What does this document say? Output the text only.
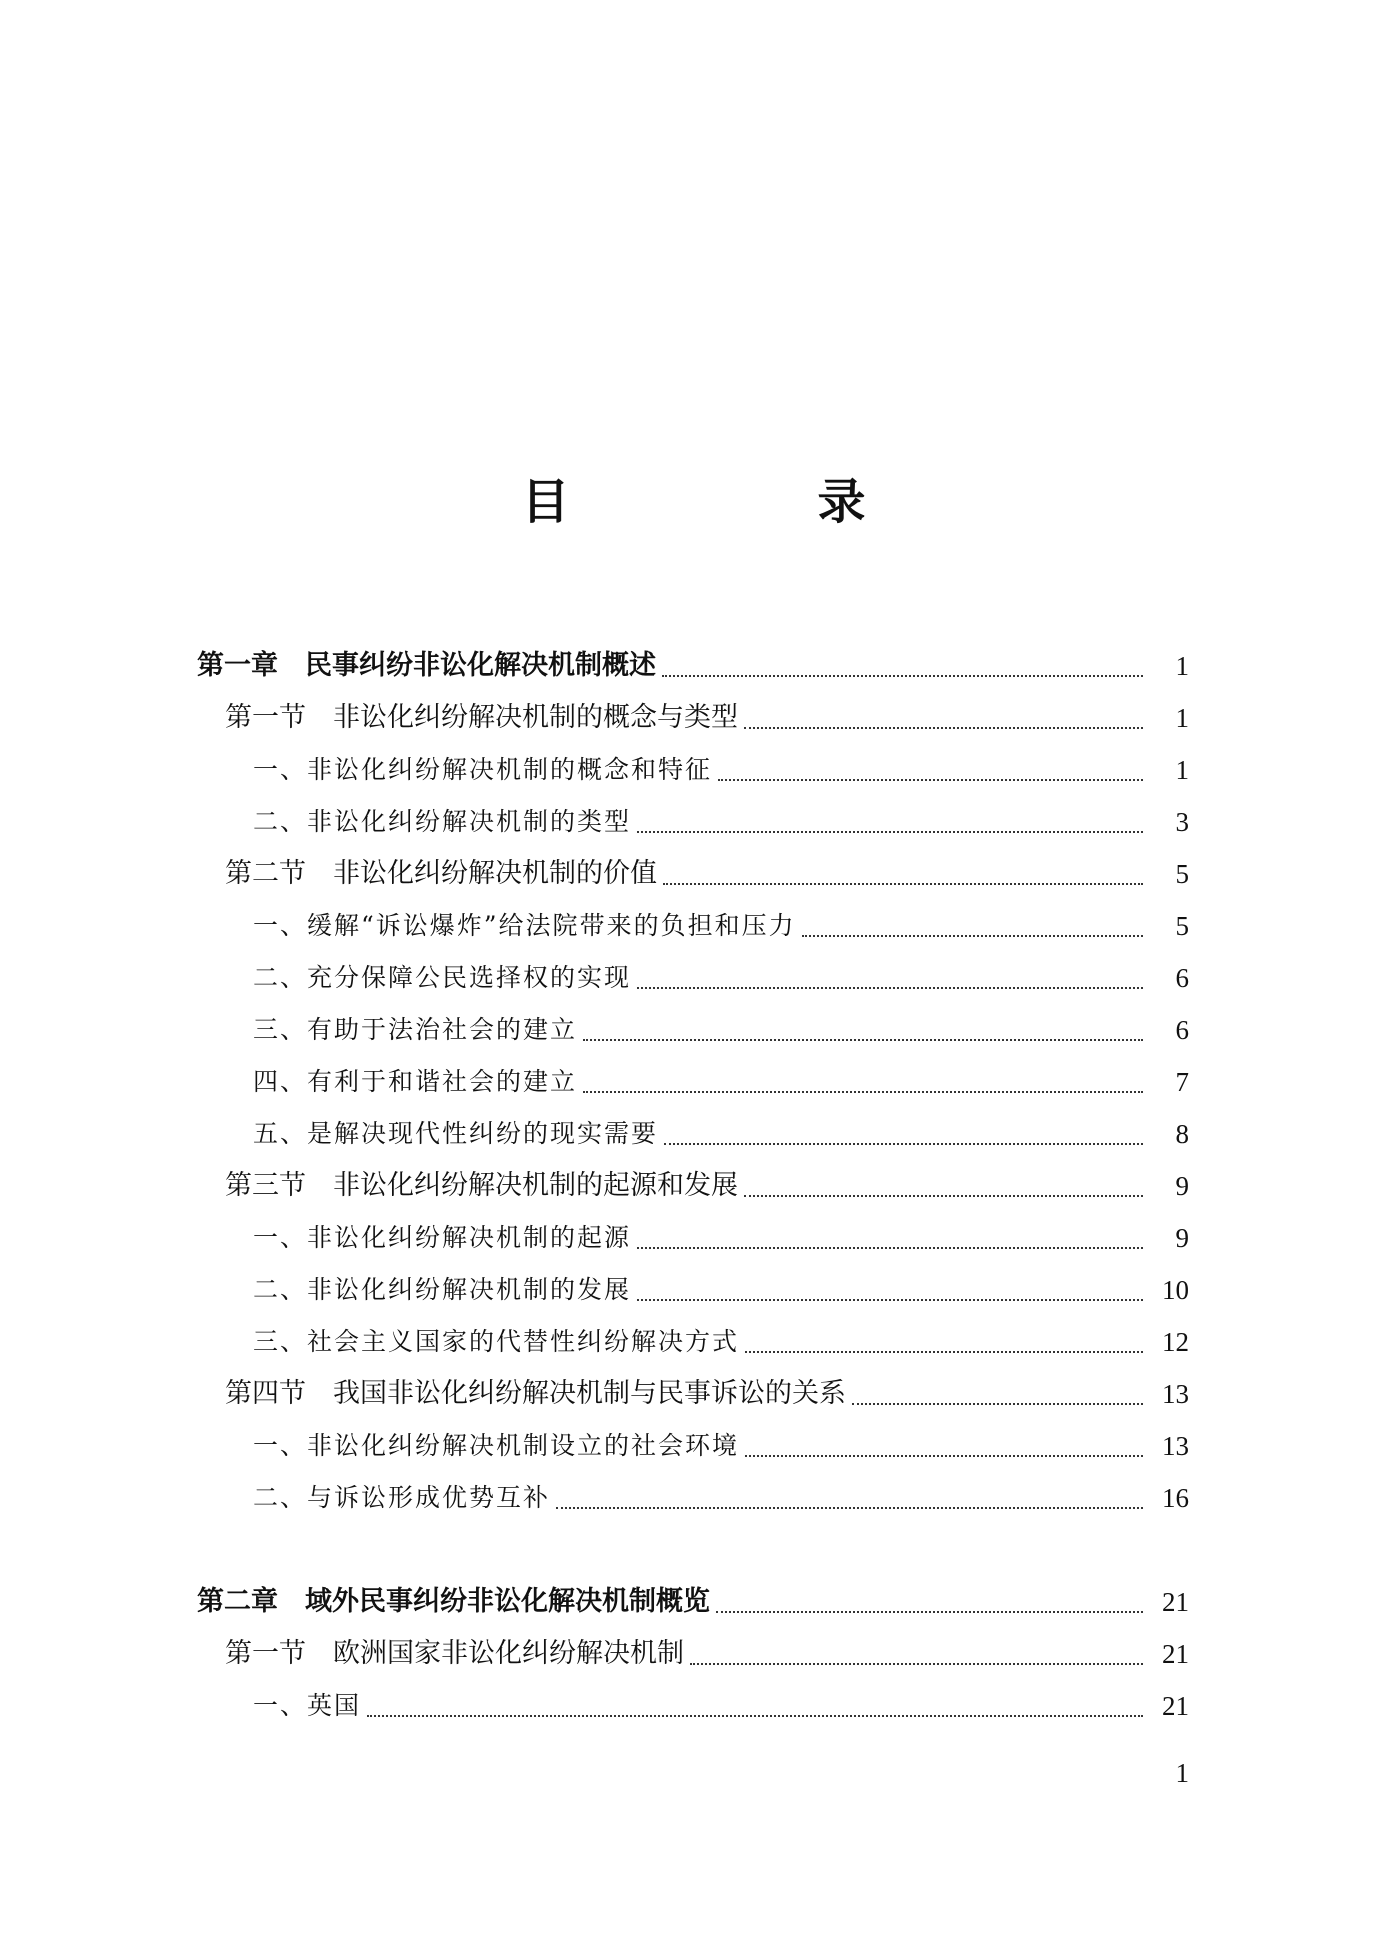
目　录
第一章　民事纠纷非讼化解决机制概述	1
第一节　非讼化纠纷解决机制的概念与类型	1
一、非讼化纠纷解决机制的概念和特征	1
二、非讼化纠纷解决机制的类型	3
第二节　非讼化纠纷解决机制的价值	5
一、缓解“诉讼爆炸”给法院带来的负担和压力	5
二、充分保障公民选择权的实现	6
三、有助于法治社会的建立	6
四、有利于和谐社会的建立	7
五、是解决现代性纠纷的现实需要	8
第三节　非讼化纠纷解决机制的起源和发展	9
一、非讼化纠纷解决机制的起源	9
二、非讼化纠纷解决机制的发展	10
三、社会主义国家的代替性纠纷解决方式	12
第四节　我国非讼化纠纷解决机制与民事诉讼的关系	13
一、非讼化纠纷解决机制设立的社会环境	13
二、与诉讼形成优势互补	16
第二章　域外民事纠纷非讼化解决机制概览	21
第一节　欧洲国家非讼化纠纷解决机制	21
一、英国	21
1
